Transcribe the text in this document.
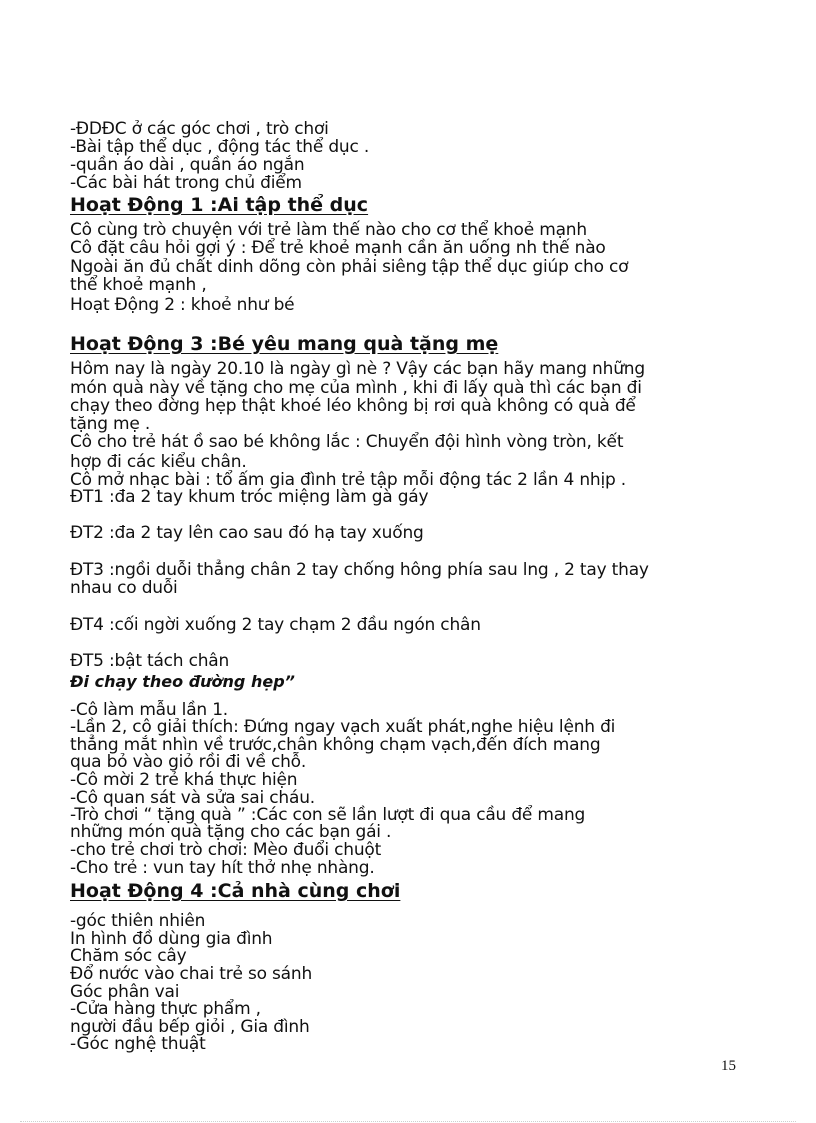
-ĐDĐC ở các góc chơi , trò chơi
-Bài tập thể dục , động tác thể dục .
-quần áo dài , quần áo ngắn
-Các bài hát trong chủ điểm
Hoạt Động 1 :Ai tập thể dục
Cô cùng trò chuyện với trẻ làm thế nào cho cơ thể khoẻ mạnh
Cô đặt câu hỏi gợi ý : Để trẻ khoẻ mạnh cần ăn uống nh thế nào
Ngoài ăn đủ chất dinh dõng còn phải siêng tập thể dục giúp cho cơ
thể khoẻ mạnh ,
Hoạt Động 2 : khoẻ như bé
Hoạt Động 3 :Bé yêu mang quà tặng mẹ
Hôm nay là ngày 20.10 là ngày gì nè ? Vậy các bạn hãy mang những
món quà này về tặng cho mẹ của mình , khi đi lấy quà thì các bạn đi
chạy theo đờng hẹp thật khoé léo không bị rơi quà không có quà để
tặng mẹ .
Cô cho trẻ hát ồ sao bé không lắc : Chuyển đội hình vòng tròn, kết
hợp đi các kiểu chân.
Cô mở nhạc bài : tổ ấm gia đình trẻ tập mỗi động tác 2 lần 4 nhịp .
ĐT1 :đa 2 tay khum tróc miệng làm gà gáy
ĐT2 :đa 2 tay lên cao sau đó hạ tay xuống
ĐT3 :ngồi duỗi thẳng chân 2 tay chống hông phía sau lng , 2 tay thay
nhau co duỗi
ĐT4 :cối ngời xuống 2 tay chạm 2 đầu ngón chân
ĐT5 :bật tách chân
Đi chạy theo đường hẹp”
-Cô làm mẫu lần 1.
-Lần 2, cô giải thích: Đứng ngay vạch xuất phát,nghe hiệu lệnh đi
thẳng mắt nhìn về trước,chân không chạm vạch,đến đích mang
qua bỏ vào giỏ rồi đi về chỗ.
-Cô mời 2 trẻ khá thực hiện
-Cô quan sát và sửa sai cháu.
-Trò chơi “ tặng quà ” :Các con sẽ lần lượt đi qua cầu để mang
những món quà tặng cho các bạn gái .
-cho trẻ chơi trò chơi: Mèo đuổi chuột
-Cho trẻ : vun tay hít thở nhẹ nhàng.
Hoạt Động 4 :Cả nhà cùng chơi
-góc thiên nhiên
In hình đồ dùng gia đình
Chăm sóc cây
Đổ nước vào chai trẻ so sánh
Góc phân vai
-Cửa hàng thực phẩm ,
người đầu bếp giỏi , Gia đình
-Góc nghệ thuật
15
